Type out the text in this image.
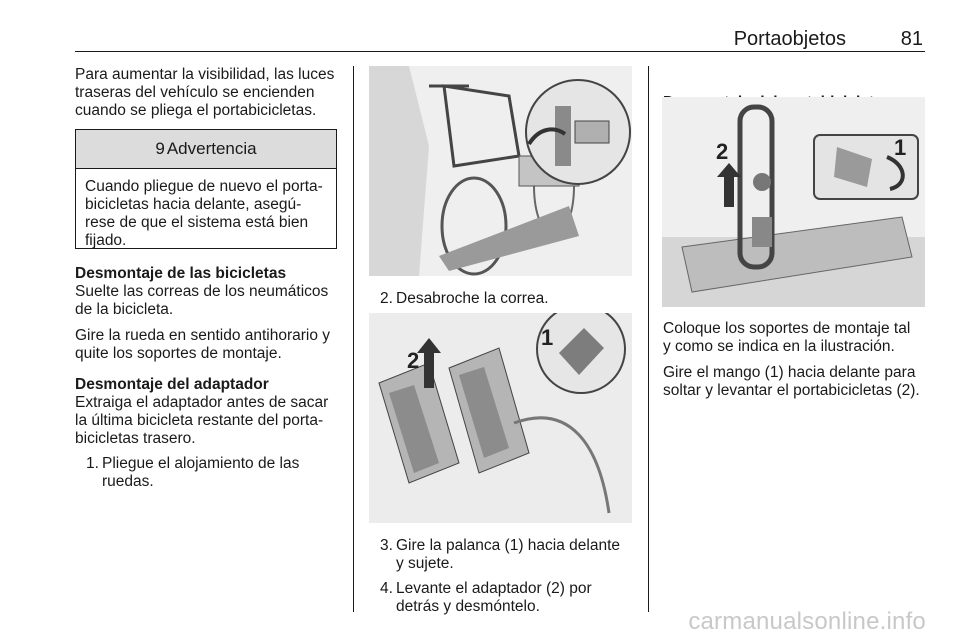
Portaobjetos	81

Para aumentar la visibilidad, las luces

traseras del vehículo se encienden

cuando se pliega el portabicicletas.

9 Advertencia
Cuando pliegue de nuevo el porta-
bicicletas hacia delante, asegú-
rese de que el sistema está bien
fijado.

Desmontaje de las bicicletas

Suelte las correas de los neumáticos

de la bicicleta.

Gire la rueda en sentido antihorario y

quite los soportes de montaje.

Desmontaje del adaptador

Extraiga el adaptador antes de sacar

la última bicicleta restante del porta-

bicicletas trasero.

1. Pliegue el alojamiento de las

ruedas.

2. Desabroche la correa.

2
1
3. Gire la palanca (1) hacia delante

y sujete.

4. Levante el adaptador (2) por

detrás y desmóntelo.

2	1

Coloque los soportes de montaje tal

y como se indica en la ilustración.

Gire el mango (1) hacia delante para

soltar y levantar el portabicicletas (2).

carmanualsonline.info
